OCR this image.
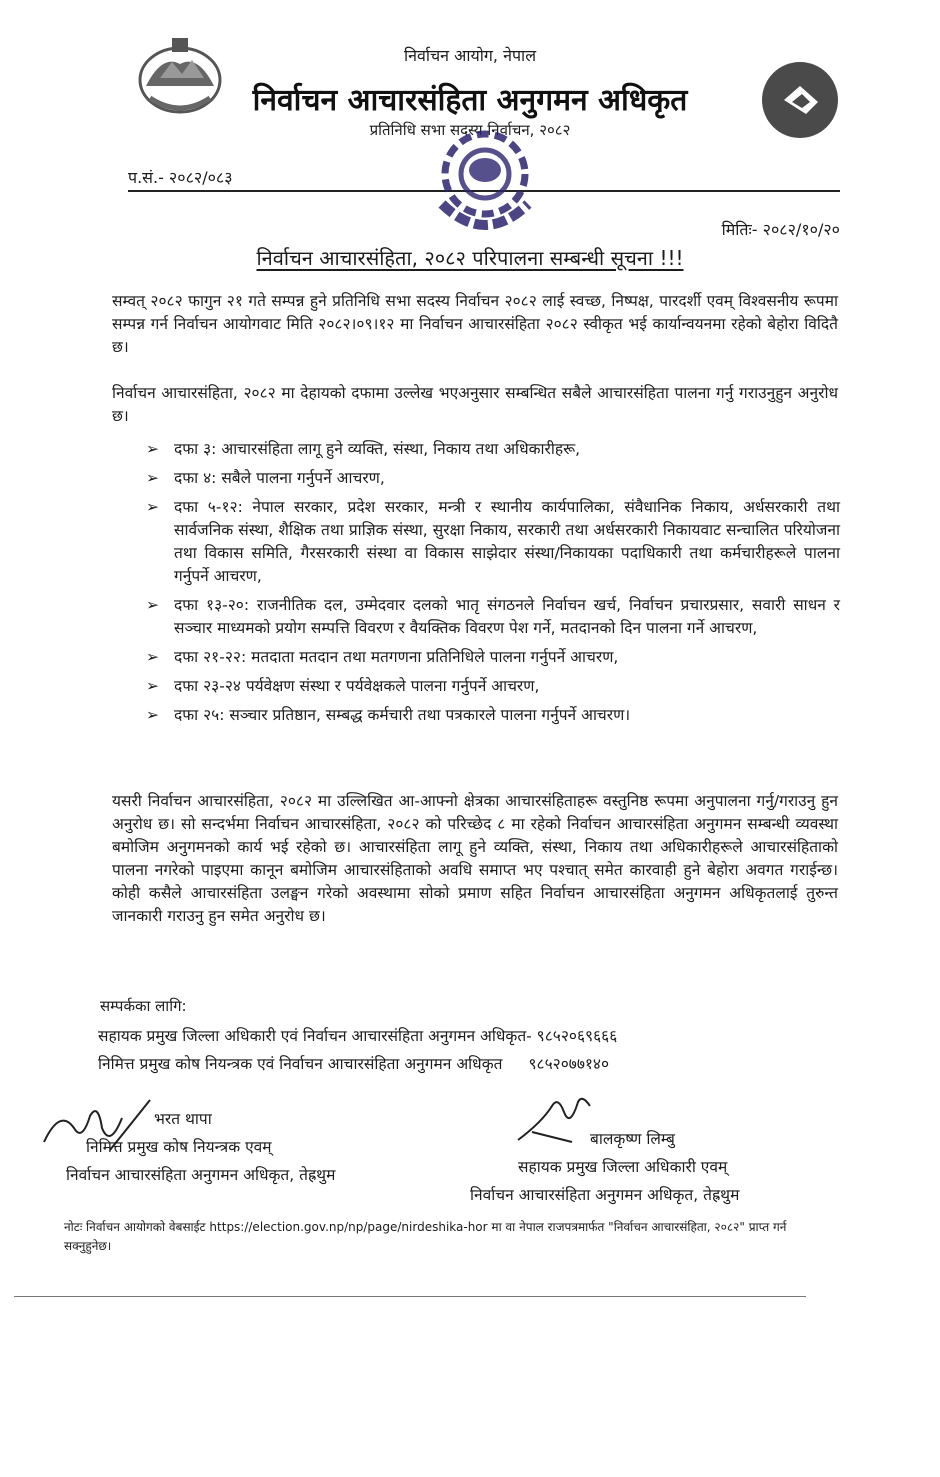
निर्वाचन आयोग, नेपाल
निर्वाचन आचारसंहिता अनुगमन अधिकृत
प्रतिनिधि सभा सदस्य निर्वाचन, २०८२
प.सं.- २०८२/०८३
मितिः- २०८२/१०/२०
निर्वाचन आचारसंहिता, २०८२ परिपालना सम्बन्धी सूचना !!!
सम्वत् २०८२ फागुन २१ गते सम्पन्न हुने प्रतिनिधि सभा सदस्य निर्वाचन २०८२ लाई स्वच्छ, निष्पक्ष, पारदर्शी एवम् विश्वसनीय रूपमा सम्पन्न गर्न निर्वाचन आयोगवाट मिति २०८२।०९।१२ मा निर्वाचन आचारसंहिता २०८२ स्वीकृत भई कार्यान्वयनमा रहेको बेहोरा विदितै छ।
निर्वाचन आचारसंहिता, २०८२ मा देहायको दफामा उल्लेख भएअनुसार सम्बन्धित सबैले आचारसंहिता पालना गर्नु गराउनुहुन अनुरोध छ।
➢ दफा ३: आचारसंहिता लागू हुने व्यक्ति, संस्था, निकाय तथा अधिकारीहरू,
➢ दफा ४: सबैले पालना गर्नुपर्ने आचरण,
➢ दफा ५-१२: नेपाल सरकार, प्रदेश सरकार, मन्त्री र स्थानीय कार्यपालिका, संवैधानिक निकाय, अर्धसरकारी तथा सार्वजनिक संस्था, शैक्षिक तथा प्राज्ञिक संस्था, सुरक्षा निकाय, सरकारी तथा अर्धसरकारी निकायवाट सन्चालित परियोजना तथा विकास समिति, गैरसरकारी संस्था वा विकास साझेदार संस्था/निकायका पदाधिकारी तथा कर्मचारीहरूले पालना गर्नुपर्ने आचरण,
➢ दफा १३-२०: राजनीतिक दल, उम्मेदवार दलको भातृ संगठनले निर्वाचन खर्च, निर्वाचन प्रचारप्रसार, सवारी साधन र सञ्चार माध्यमको प्रयोग सम्पत्ति विवरण र वैयक्तिक विवरण पेश गर्ने, मतदानको दिन पालना गर्ने आचरण,
➢ दफा २१-२२: मतदाता मतदान तथा मतगणना प्रतिनिधिले पालना गर्नुपर्ने आचरण,
➢ दफा २३-२४ पर्यवेक्षण संस्था र पर्यवेक्षकले पालना गर्नुपर्ने आचरण,
➢ दफा २५: सञ्चार प्रतिष्ठान, सम्बद्ध कर्मचारी तथा पत्रकारले पालना गर्नुपर्ने आचरण।
यसरी निर्वाचन आचारसंहिता, २०८२ मा उल्लिखित आ-आफ्नो क्षेत्रका आचारसंहिताहरू वस्तुनिष्ठ रूपमा अनुपालना गर्नु/गराउनु हुन अनुरोध छ। सो सन्दर्भमा निर्वाचन आचारसंहिता, २०८२ को परिच्छेद ८ मा रहेको निर्वाचन आचारसंहिता अनुगमन सम्बन्धी व्यवस्था बमोजिम अनुगमनको कार्य भई रहेको छ। आचारसंहिता लागू हुने व्यक्ति, संस्था, निकाय तथा अधिकारीहरूले आचारसंहिताको पालना नगरेको पाइएमा कानून बमोजिम आचारसंहिताको अवधि समाप्त भए पश्चात् समेत कारवाही हुने बेहोरा अवगत गराईन्छ। कोही कसैले आचारसंहिता उलङ्घन गरेको अवस्थामा सोको प्रमाण सहित निर्वाचन आचारसंहिता अनुगमन अधिकृतलाई तुरुन्त जानकारी गराउनु हुन समेत अनुरोध छ।
सम्पर्कका लागि:
सहायक प्रमुख जिल्ला अधिकारी एवं निर्वाचन आचारसंहिता अनुगमन अधिकृत- ९८५२०६९६६६
निमित्त प्रमुख कोष नियन्त्रक एवं निर्वाचन आचारसंहिता अनुगमन अधिकृत ९८५२०७७१४०
भरत थापा
निमित्त प्रमुख कोष नियन्त्रक एवम्
निर्वाचन आचारसंहिता अनुगमन अधिकृत, तेह्रथुम
बालकृष्ण लिम्बु
सहायक प्रमुख जिल्ला अधिकारी एवम्
निर्वाचन आचारसंहिता अनुगमन अधिकृत, तेह्रथुम
नोटः निर्वाचन आयोगको वेबसाईट https://election.gov.np/np/page/nirdeshika-hor मा वा नेपाल राजपत्रमार्फत "निर्वाचन आचारसंहिता, २०८२" प्राप्त गर्न सक्नुहुनेछ।
